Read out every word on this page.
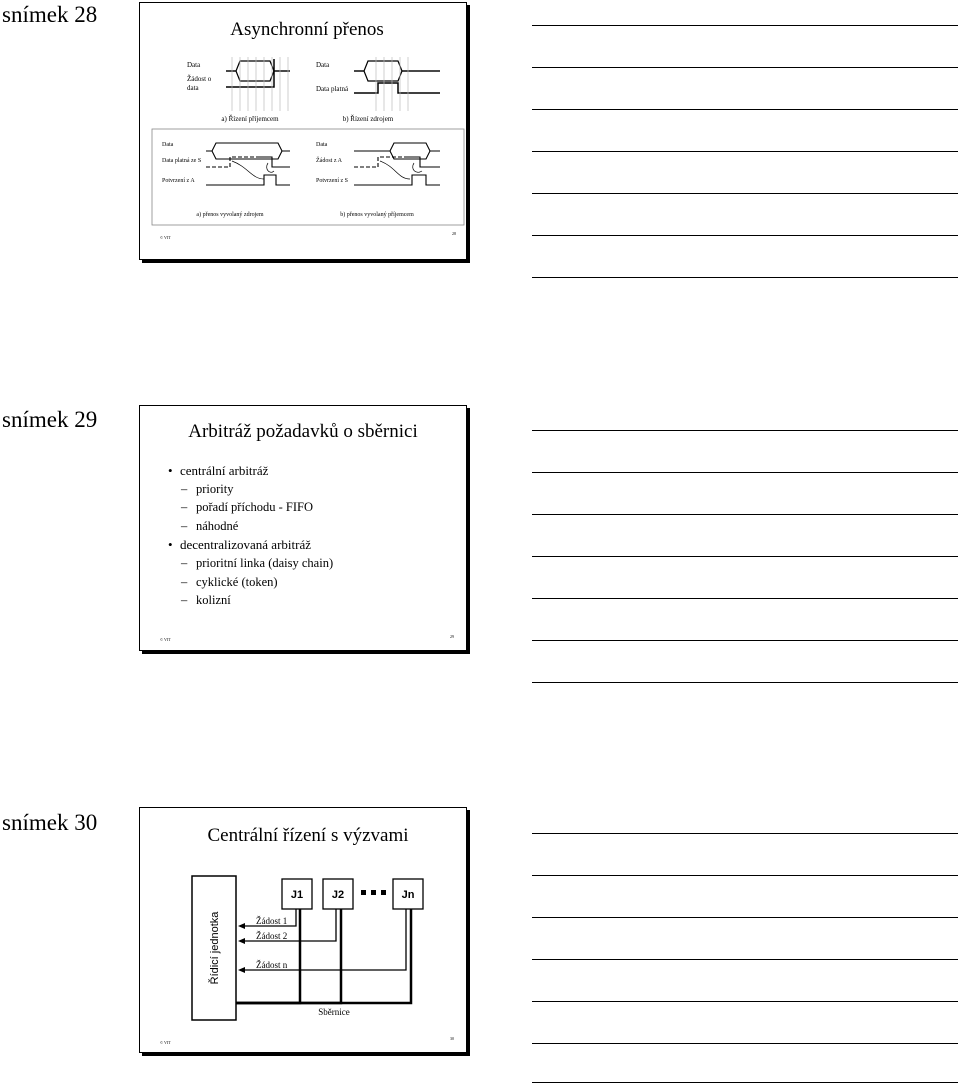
snímek 28
Asynchronní přenos
Data
Žádost o
data
a) Řízení příjemcem
Data
Data platná
b) Řízení zdrojem
Data
Data platná ze S
Potvrzení z A
a) přenos vyvolaný zdrojem
Data
Žádost z A
Potvrzení z S
b) přenos vyvolaný příjemcem
© VIT
28
snímek 29	Arbitráž požadavků o sběrnici
• centrální arbitráž
– priority
– pořadí příchodu - FIFO
– náhodné
• decentralizovaná arbitráž
– prioritní linka (daisy chain)
– cyklické (token)
– kolizní
© VIT
29
snímek 30
Centrální řízení s výzvami
Řídicí jednotka
J1	J2	Jn
Žádost 1
Žádost 2
Žádost n
Sběrnice
© VIT
30
